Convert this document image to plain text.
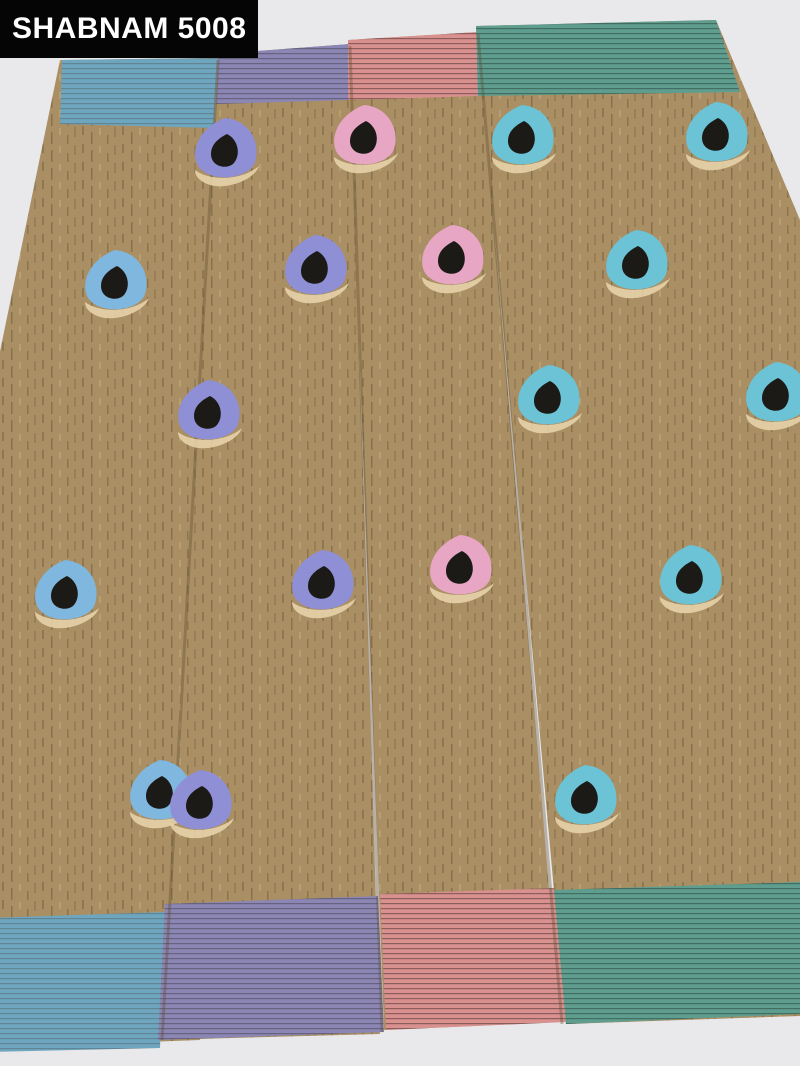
SHABNAM 5008
